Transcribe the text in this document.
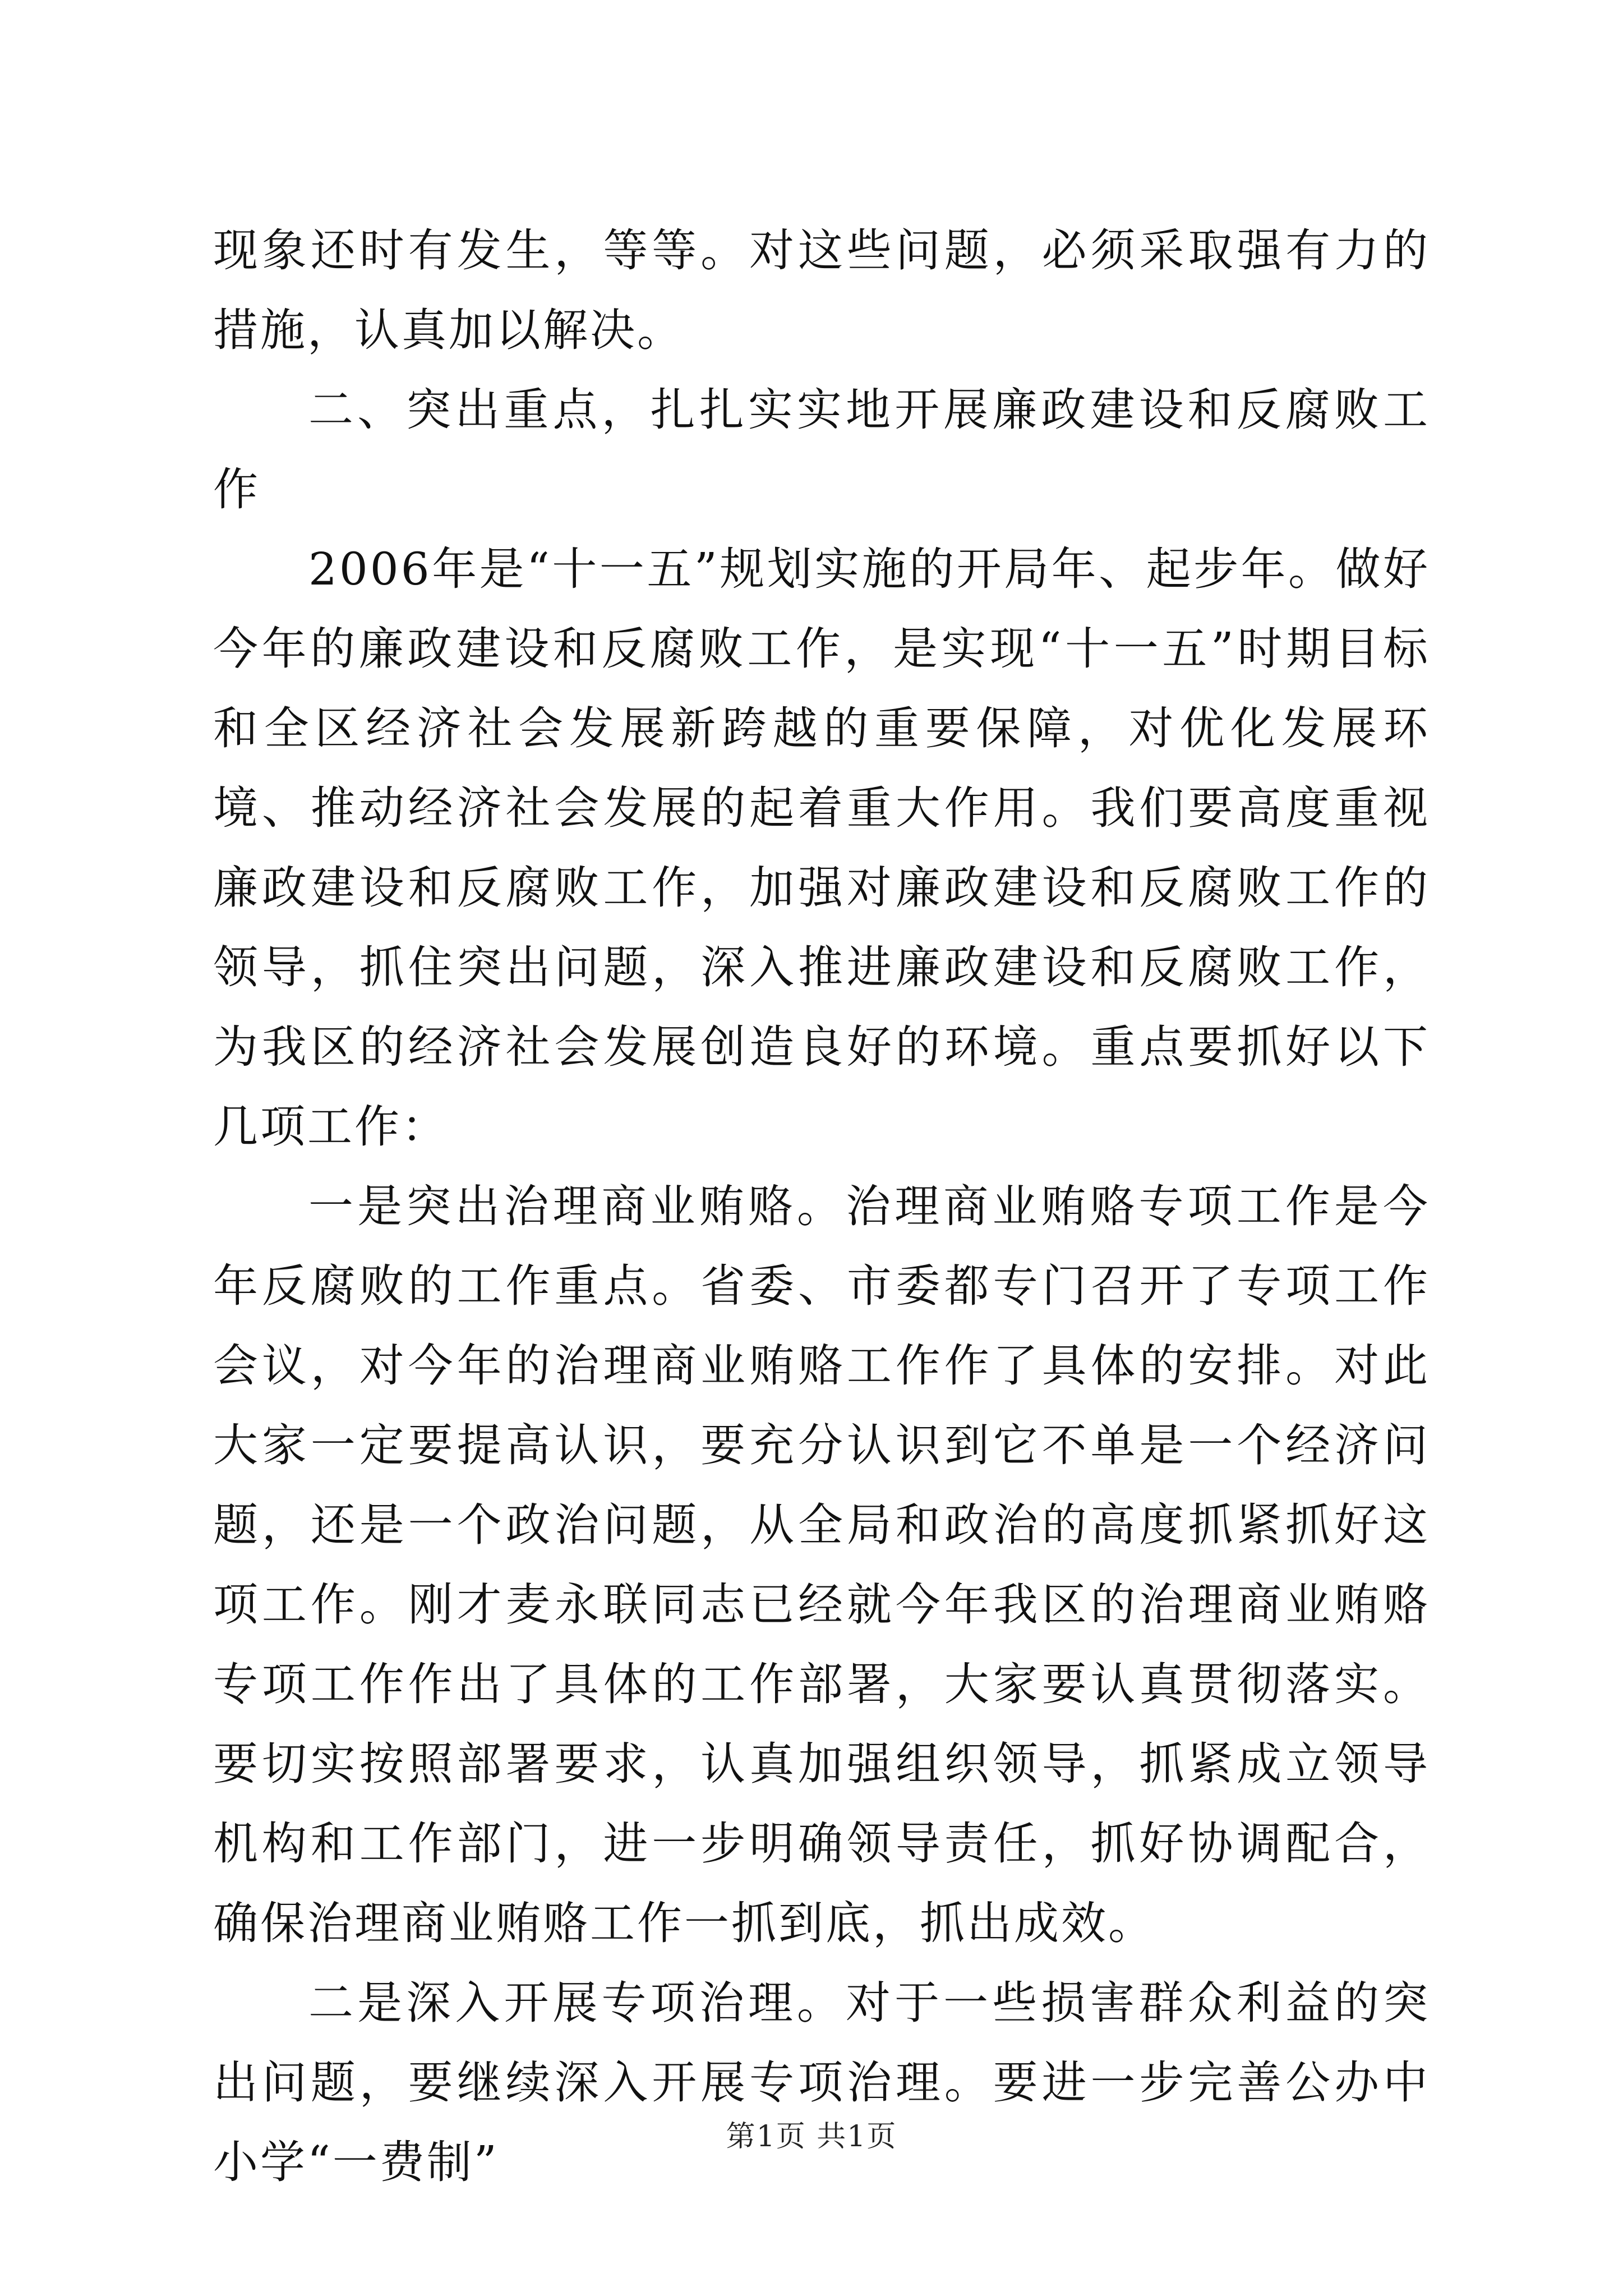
现象还时有发生，等等。对这些问题，必须采取强有力的措施，认真加以解决。

二、突出重点，扎扎实实地开展廉政建设和反腐败工作

2006年是“十一五”规划实施的开局年、起步年。做好今年的廉政建设和反腐败工作，是实现“十一五”时期目标和全区经济社会发展新跨越的重要保障，对优化发展环境、推动经济社会发展的起着重大作用。我们要高度重视廉政建设和反腐败工作，加强对廉政建设和反腐败工作的领导，抓住突出问题，深入推进廉政建设和反腐败工作，为我区的经济社会发展创造良好的环境。重点要抓好以下几项工作：

一是突出治理商业贿赂。治理商业贿赂专项工作是今年反腐败的工作重点。省委、市委都专门召开了专项工作会议，对今年的治理商业贿赂工作作了具体的安排。对此大家一定要提高认识，要充分认识到它不单是一个经济问题，还是一个政治问题，从全局和政治的高度抓紧抓好这项工作。刚才麦永联同志已经就今年我区的治理商业贿赂专项工作作出了具体的工作部署，大家要认真贯彻落实。要切实按照部署要求，认真加强组织领导，抓紧成立领导机构和工作部门，进一步明确领导责任，抓好协调配合，确保治理商业贿赂工作一抓到底，抓出成效。

二是深入开展专项治理。对于一些损害群众利益的突出问题，要继续深入开展专项治理。要进一步完善公办中小学“一费制”	第1页 共1页
